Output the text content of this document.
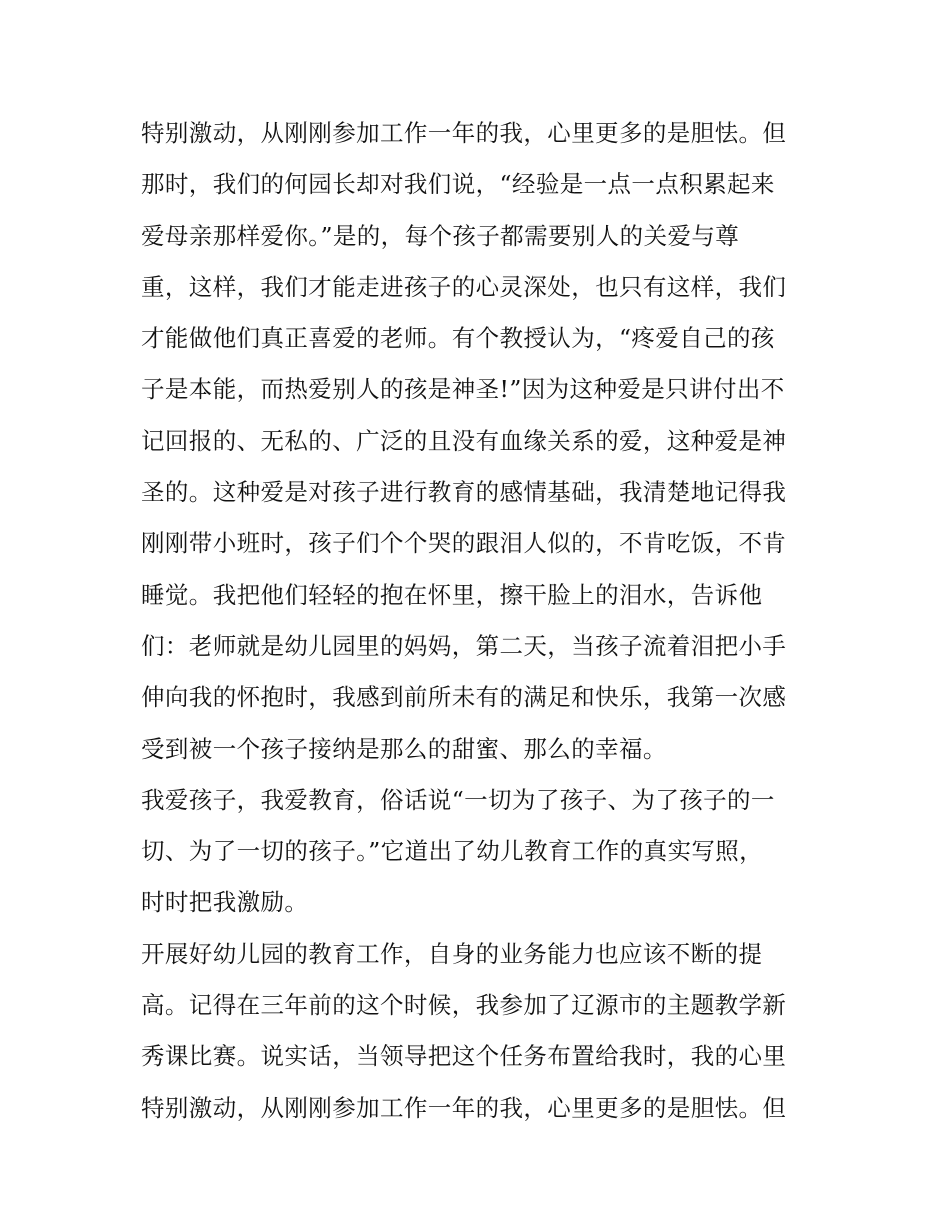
特别激动，从刚刚参加工作一年的我，心里更多的是胆怯。但
那时，我们的何园长却对我们说，“经验是一点一点积累起来
爱母亲那样爱你。”是的，每个孩子都需要别人的关爱与尊
重，这样，我们才能走进孩子的心灵深处，也只有这样，我们
才能做他们真正喜爱的老师。有个教授认为，“疼爱自己的孩
子是本能，而热爱别人的孩是神圣!”因为这种爱是只讲付出不
记回报的、无私的、广泛的且没有血缘关系的爱，这种爱是神
圣的。这种爱是对孩子进行教育的感情基础，我清楚地记得我
刚刚带小班时，孩子们个个哭的跟泪人似的，不肯吃饭，不肯
睡觉。我把他们轻轻的抱在怀里，擦干脸上的泪水，告诉他
们：老师就是幼儿园里的妈妈，第二天，当孩子流着泪把小手
伸向我的怀抱时，我感到前所未有的满足和快乐，我第一次感
受到被一个孩子接纳是那么的甜蜜、那么的幸福。
我爱孩子，我爱教育，俗话说“一切为了孩子、为了孩子的一
切、为了一切的孩子。”它道出了幼儿教育工作的真实写照，
时时把我激励。
开展好幼儿园的教育工作，自身的业务能力也应该不断的提
高。记得在三年前的这个时候，我参加了辽源市的主题教学新
秀课比赛。说实话，当领导把这个任务布置给我时，我的心里
特别激动，从刚刚参加工作一年的我，心里更多的是胆怯。但
